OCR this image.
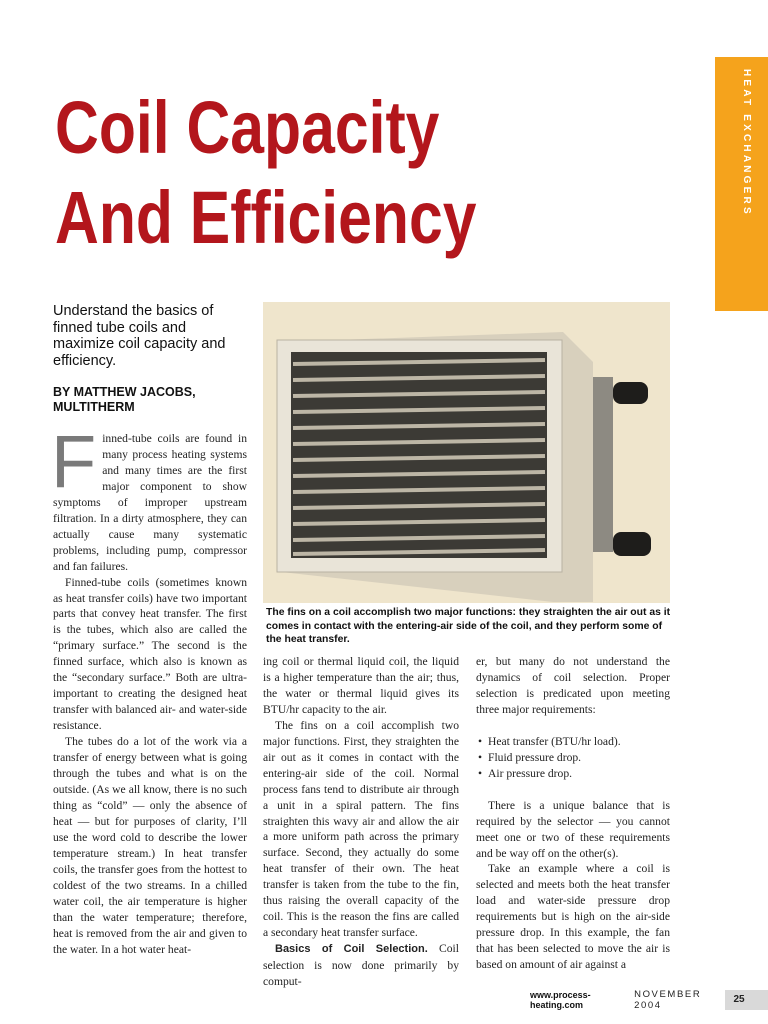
Coil Capacity
And Efficiency
HEAT EXCHANGERS

Understand the basics of finned tube coils and maximize coil capacity and efficiency.

BY MATTHEW JACOBS,
MULTITHERM

The fins on a coil accomplish two major functions: they straighten the air out as it comes in contact with the entering-air side of the coil, and they perform some of the heat transfer.

Finned-tube coils are found in many process heating systems and many times are the first major component to show symptoms of improper upstream filtration. In a dirty atmosphere, they can actually cause many systematic problems, including pump, compressor and fan failures.

Finned-tube coils (sometimes known as heat transfer coils) have two important parts that convey heat transfer. The first is the tubes, which also are called the “primary surface.” The second is the finned surface, which also is known as the “secondary surface.” Both are ultra-important to creating the designed heat transfer with balanced air- and water-side resistance.

The tubes do a lot of the work via a transfer of energy between what is going through the tubes and what is on the outside. (As we all know, there is no such thing as “cold” — only the absence of heat — but for purposes of clarity, I’ll use the word cold to describe the lower temperature stream.) In heat transfer coils, the transfer goes from the hottest to coldest of the two streams. In a chilled water coil, the air temperature is higher than the water temperature; therefore, heat is removed from the air and given to the water. In a hot water heat-

ing coil or thermal liquid coil, the liquid is a higher temperature than the air; thus, the water or thermal liquid gives its BTU/hr capacity to the air.

The fins on a coil accomplish two major functions. First, they straighten the air out as it comes in contact with the entering-air side of the coil. Normal process fans tend to distribute air through a unit in a spiral pattern. The fins straighten this wavy air and allow the air a more uniform path across the primary surface. Second, they actually do some heat transfer of their own. The heat transfer is taken from the tube to the fin, thus raising the overall capacity of the coil. This is the reason the fins are called a secondary heat transfer surface.

Basics of Coil Selection. Coil selection is now done primarily by comput-

er, but many do not understand the dynamics of coil selection. Proper selection is predicated upon meeting three major requirements:

• Heat transfer (BTU/hr load).
• Fluid pressure drop.
• Air pressure drop.

There is a unique balance that is required by the selector — you cannot meet one or two of these requirements and be way off on the other(s).

Take an example where a coil is selected and meets both the heat transfer load and water-side pressure drop requirements but is high on the air-side pressure drop. In this example, the fan that has been selected to move the air is based on amount of air against a

www.process-heating.com
NOVEMBER 2004
25
